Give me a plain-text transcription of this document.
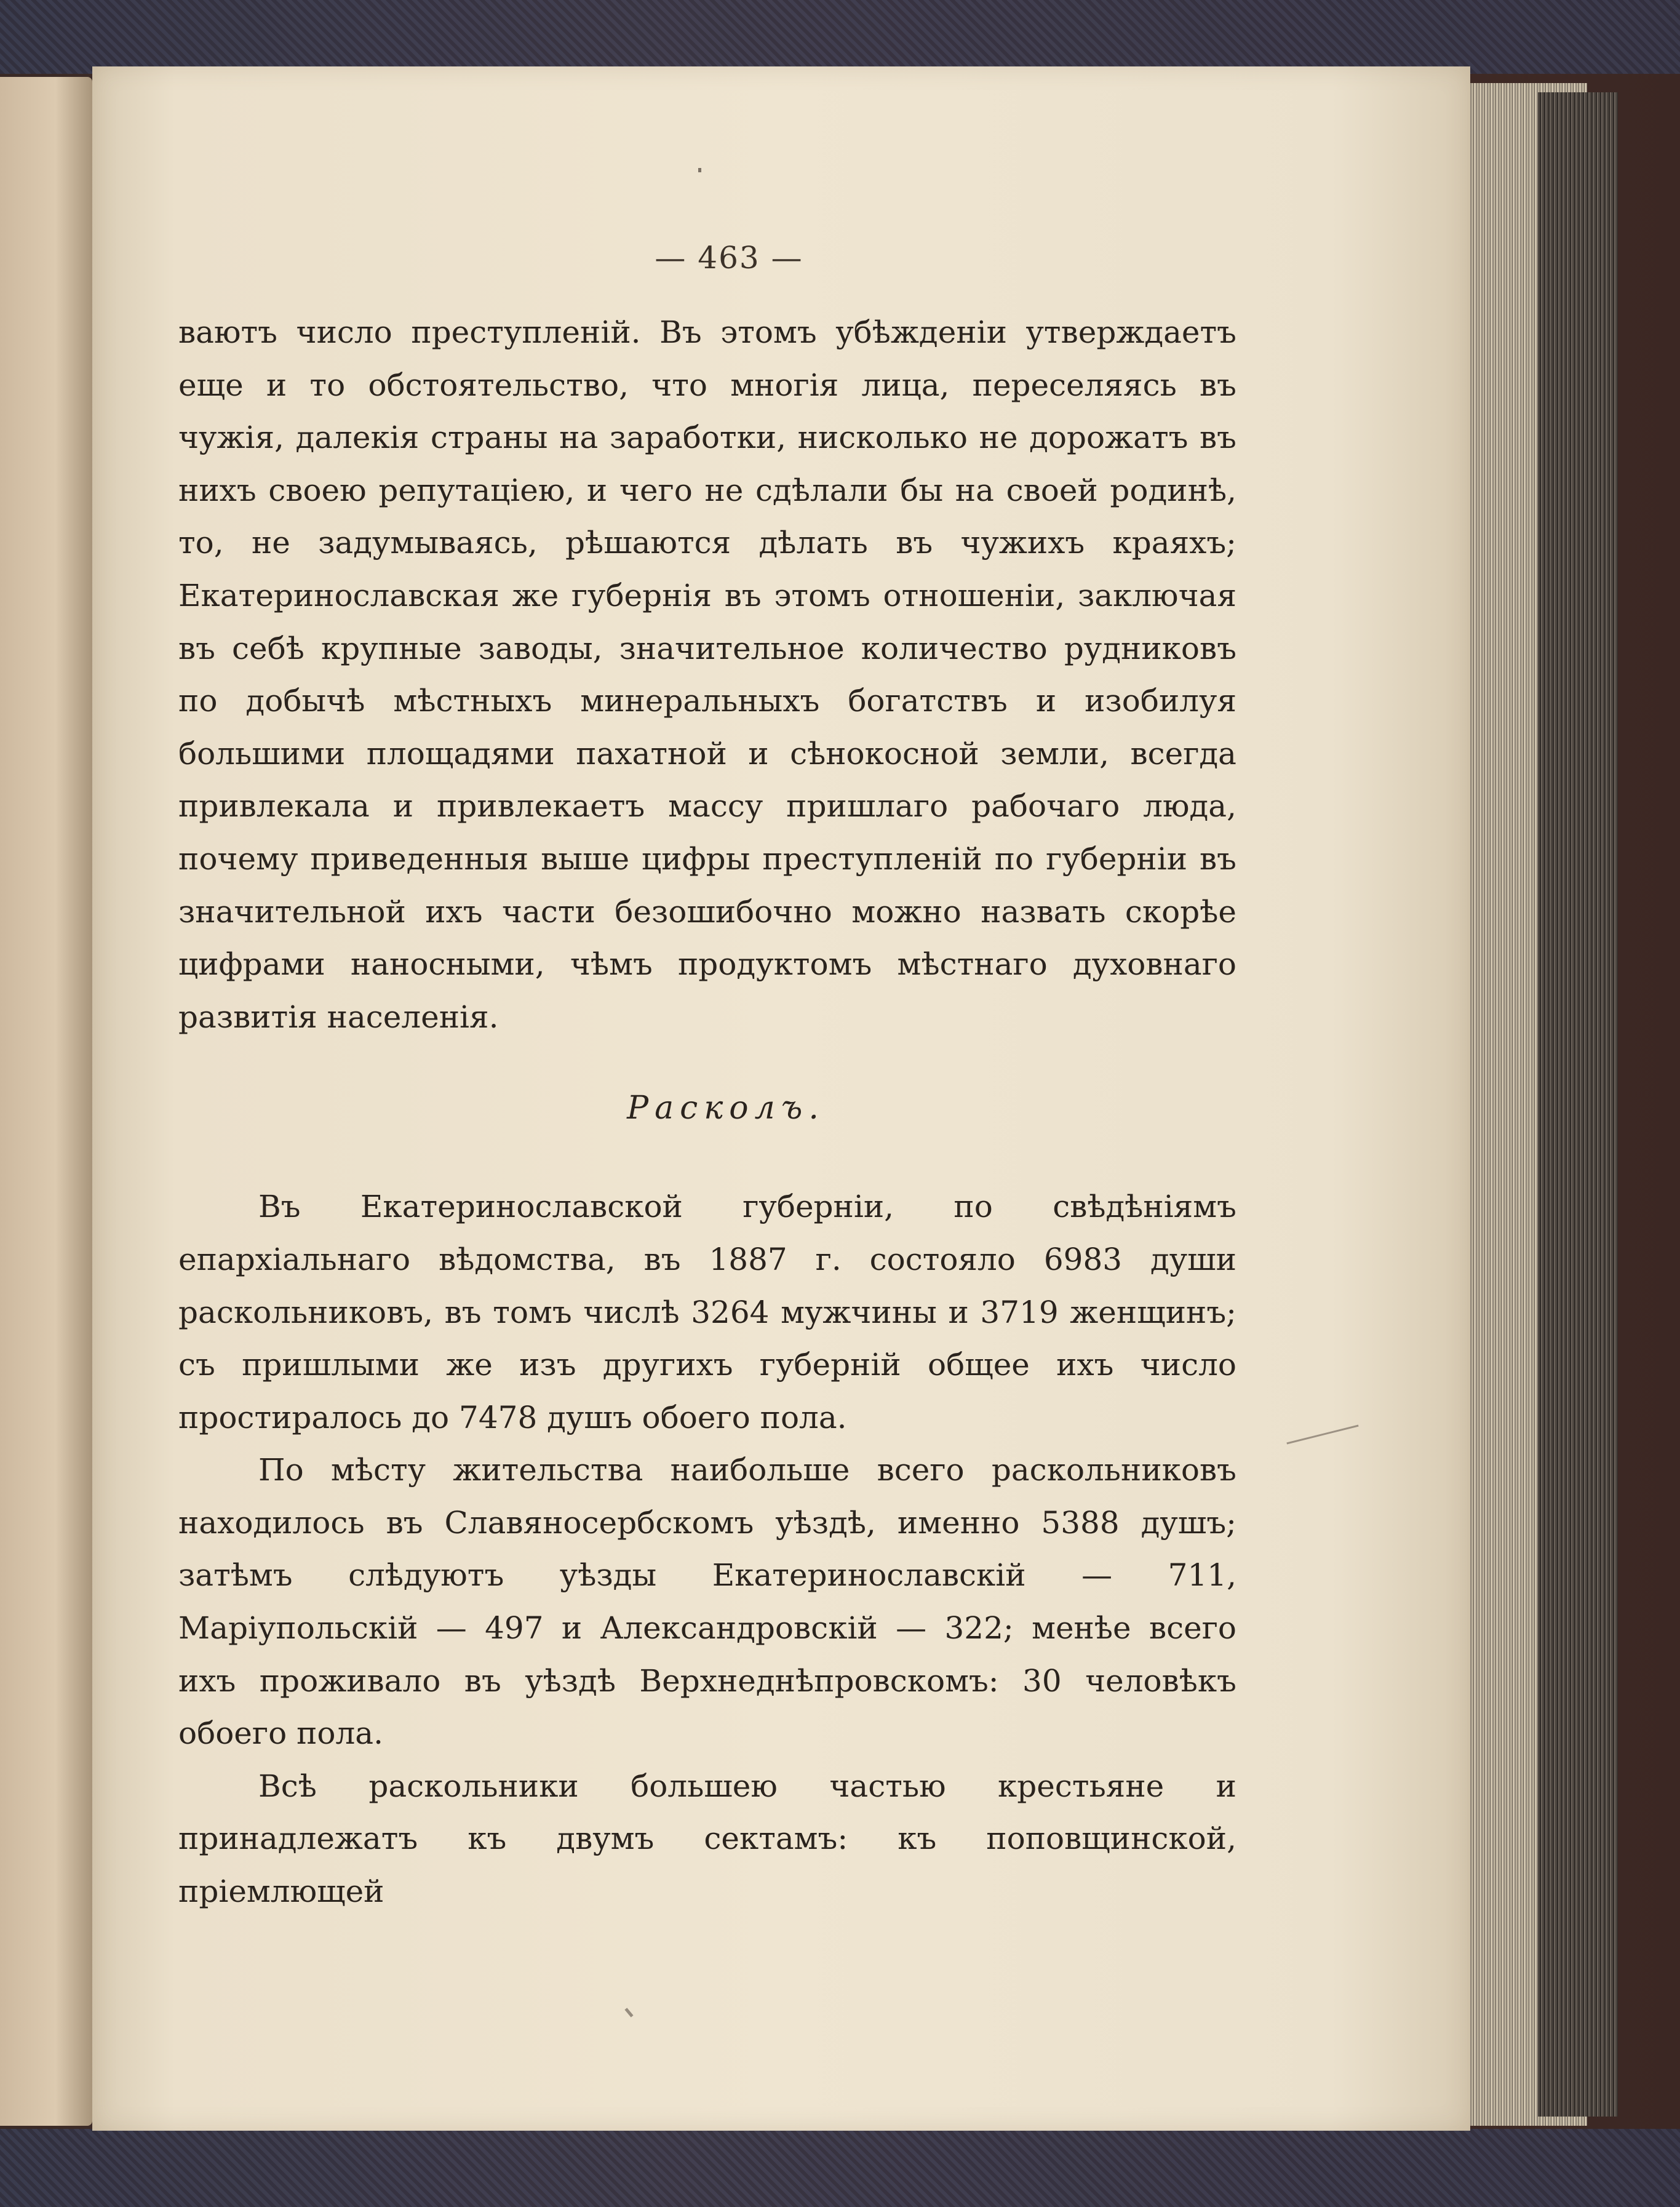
— 463 —

ваютъ число преступленій. Въ этомъ убѣжденіи утверждаетъ еще и то обстоятельство, что многія лица, переселяясь въ чужія, далекія страны на заработки, нисколько не дорожатъ въ нихъ своею репутаціею, и чего не сдѣлали бы на своей родинѣ, то, не задумываясь, рѣшаются дѣлать въ чужихъ краяхъ; Екатеринославская же губернія въ этомъ отношеніи, заключая въ себѣ крупные заводы, значительное количество рудниковъ по добычѣ мѣстныхъ минеральныхъ богатствъ и изобилуя большими площадями пахатной и сѣнокосной земли, всегда привлекала и привлекаетъ массу пришлаго рабочаго люда, почему приведенныя выше цифры преступленій по губерніи въ значительной ихъ части безошибочно можно назвать скорѣе цифрами наносными, чѣмъ продуктомъ мѣстнаго духовнаго развитія населенія.

Расколъ.

Въ Екатеринославской губерніи, по свѣдѣніямъ епархіальнаго вѣдомства, въ 1887 г. состояло 6983 души раскольниковъ, въ томъ числѣ 3264 мужчины и 3719 женщинъ; съ пришлыми же изъ другихъ губерній общее ихъ число простиралось до 7478 душъ обоего пола.

По мѣсту жительства наибольше всего раскольниковъ находилось въ Славяносербскомъ уѣздѣ, именно 5388 душъ; затѣмъ слѣдуютъ уѣзды Екатеринославскій — 711, Маріупольскій — 497 и Александровскій — 322; менѣе всего ихъ проживало въ уѣздѣ Верхнеднѣпровскомъ: 30 человѣкъ обоего пола.

Всѣ раскольники большею частью крестьяне и принадлежатъ къ двумъ сектамъ: къ поповщинской, пріемлющей
